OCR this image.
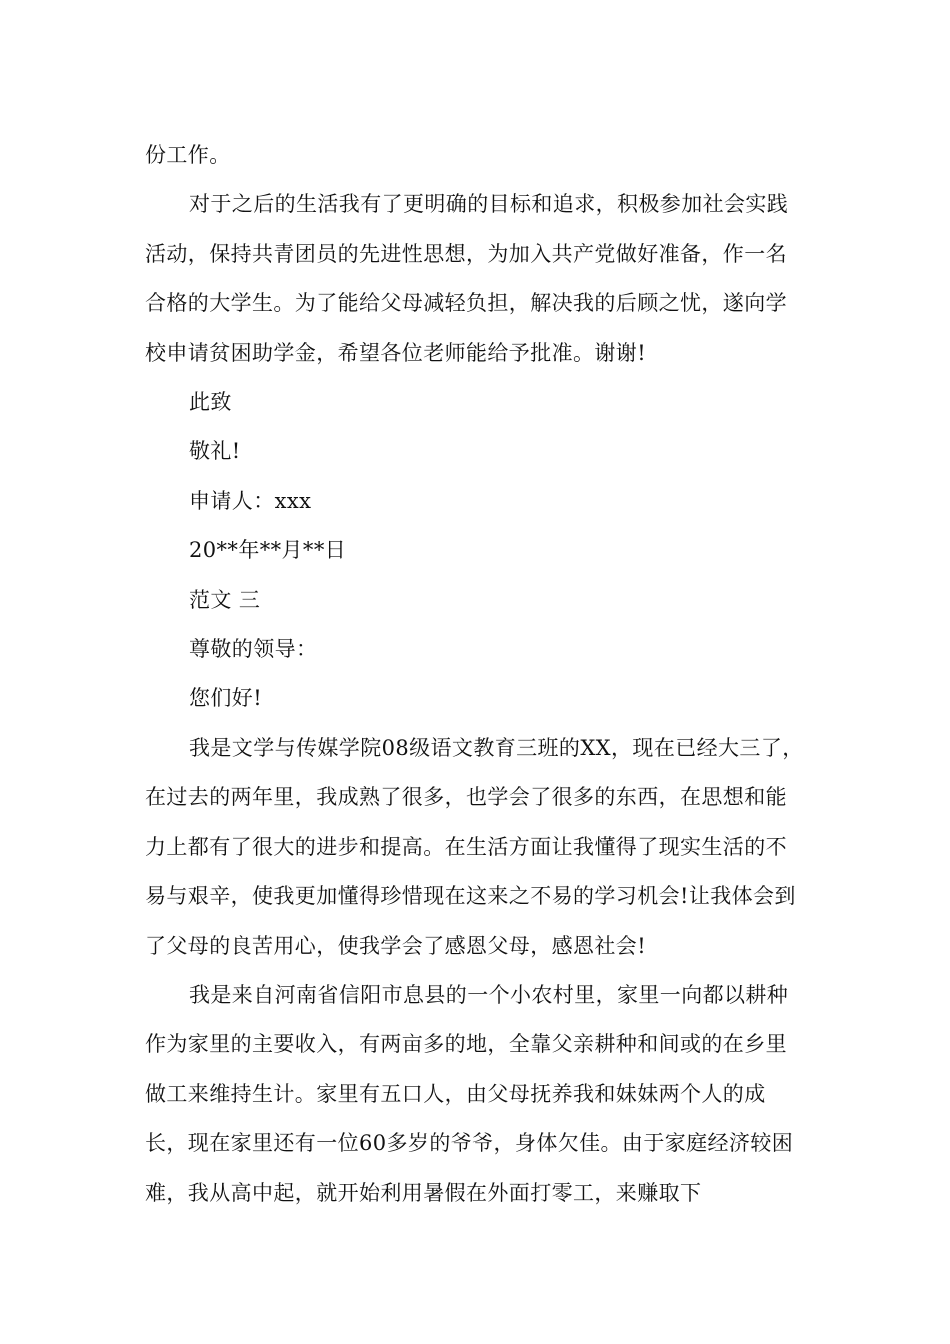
份工作。

对于之后的生活我有了更明确的目标和追求，积极参加社会实践活动，保持共青团员的先进性思想，为加入共产党做好准备，作一名合格的大学生。为了能给父母减轻负担，解决我的后顾之忧，遂向学校申请贫困助学金，希望各位老师能给予批准。谢谢!

此致

敬礼!

申请人：xxx

20**年**月**日

范文 三

尊敬的领导：

您们好!

我是文学与传媒学院08级语文教育三班的XX，现在已经大三了，在过去的两年里，我成熟了很多，也学会了很多的东西，在思想和能力上都有了很大的进步和提高。在生活方面让我懂得了现实生活的不易与艰辛，使我更加懂得珍惜现在这来之不易的学习机会!让我体会到了父母的良苦用心，使我学会了感恩父母，感恩社会!

我是来自河南省信阳市息县的一个小农村里，家里一向都以耕种作为家里的主要收入，有两亩多的地，全靠父亲耕种和间或的在乡里做工来维持生计。家里有五口人，由父母抚养我和妹妹两个人的成长，现在家里还有一位60多岁的爷爷，身体欠佳。由于家庭经济较困难，我从高中起，就开始利用暑假在外面打零工，来赚取下
